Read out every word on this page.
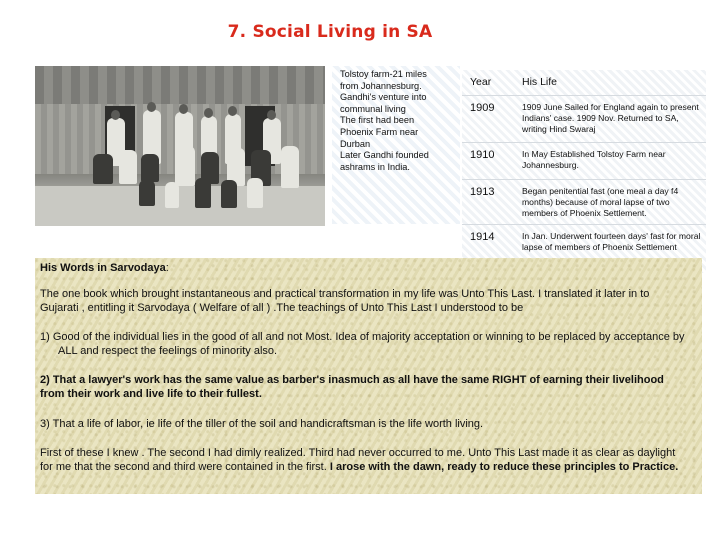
7. Social Living in SA

Tolstoy farm-21 miles
from Johannesburg.
Gandhi's venture into
communal living
The first had been
Phoenix Farm near
Durban
Later Gandhi founded
ashrams in India.

Year	His Life
1909	1909 June Sailed for England again to present Indians' case. 1909 Nov. Returned to SA, writing Hind Swaraj
1910	In May Established Tolstoy Farm near Johannesburg.
1913	Began penitential fast (one meal a day f4 months) because of moral lapse of two members of Phoenix Settlement.
1914	In Jan. Underwent fourteen days' fast for moral lapse of members of Phoenix Settlement

His Words in Sarvodaya:

The one book which brought instantaneous and practical transformation in my life was Unto This Last. I translated it later in to Gujarati , entitling it Sarvodaya ( Welfare of all ) .The teachings of Unto This Last I understood to be

1) Good of the individual lies in the good of all and not Most. Idea of majority acceptation or winning to be replaced by acceptance by ALL and respect the feelings of minority also.

2) That a lawyer's work has the same value as barber's inasmuch as all have the same RIGHT of earning their livelihood from their work and live life to their fullest.

3) That a life of labor, ie life of the tiller of the soil and handicraftsman is the life worth living.

First of these I knew . The second I had dimly realized. Third had never occurred to me. Unto This Last made it as clear as daylight for me that the second and third were contained in the first. I arose with the dawn, ready to reduce these principles to Practice.

9
